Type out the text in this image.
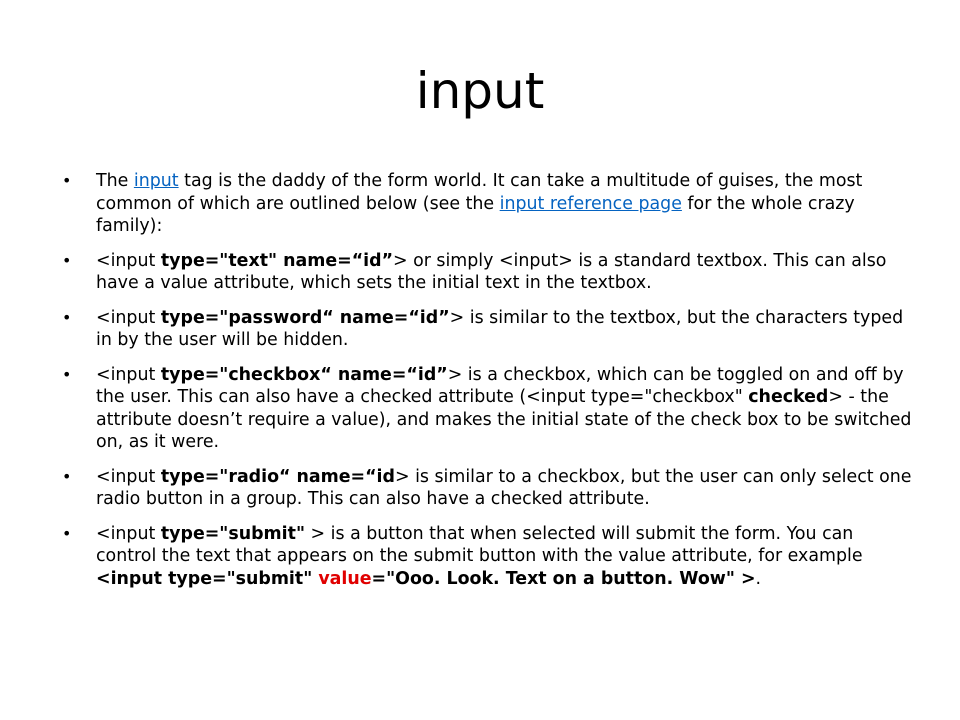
input
• The input tag is the daddy of the form world. It can take a multitude of guises, the most common of which are outlined below (see the input reference page for the whole crazy family):
• <input type="text" name=“id”> or simply <input> is a standard textbox. This can also have a value attribute, which sets the initial text in the textbox.
• <input type="password“ name=“id”> is similar to the textbox, but the characters typed in by the user will be hidden.
• <input type="checkbox“ name=“id”> is a checkbox, which can be toggled on and off by the user. This can also have a checked attribute (<input type="checkbox" checked> - the attribute doesn’t require a value), and makes the initial state of the check box to be switched on, as it were.
• <input type="radio“ name=“id> is similar to a checkbox, but the user can only select one radio button in a group. This can also have a checked attribute.
• <input type="submit" > is a button that when selected will submit the form. You can control the text that appears on the submit button with the value attribute, for example <input type="submit" value="Ooo. Look. Text on a button. Wow" >.
